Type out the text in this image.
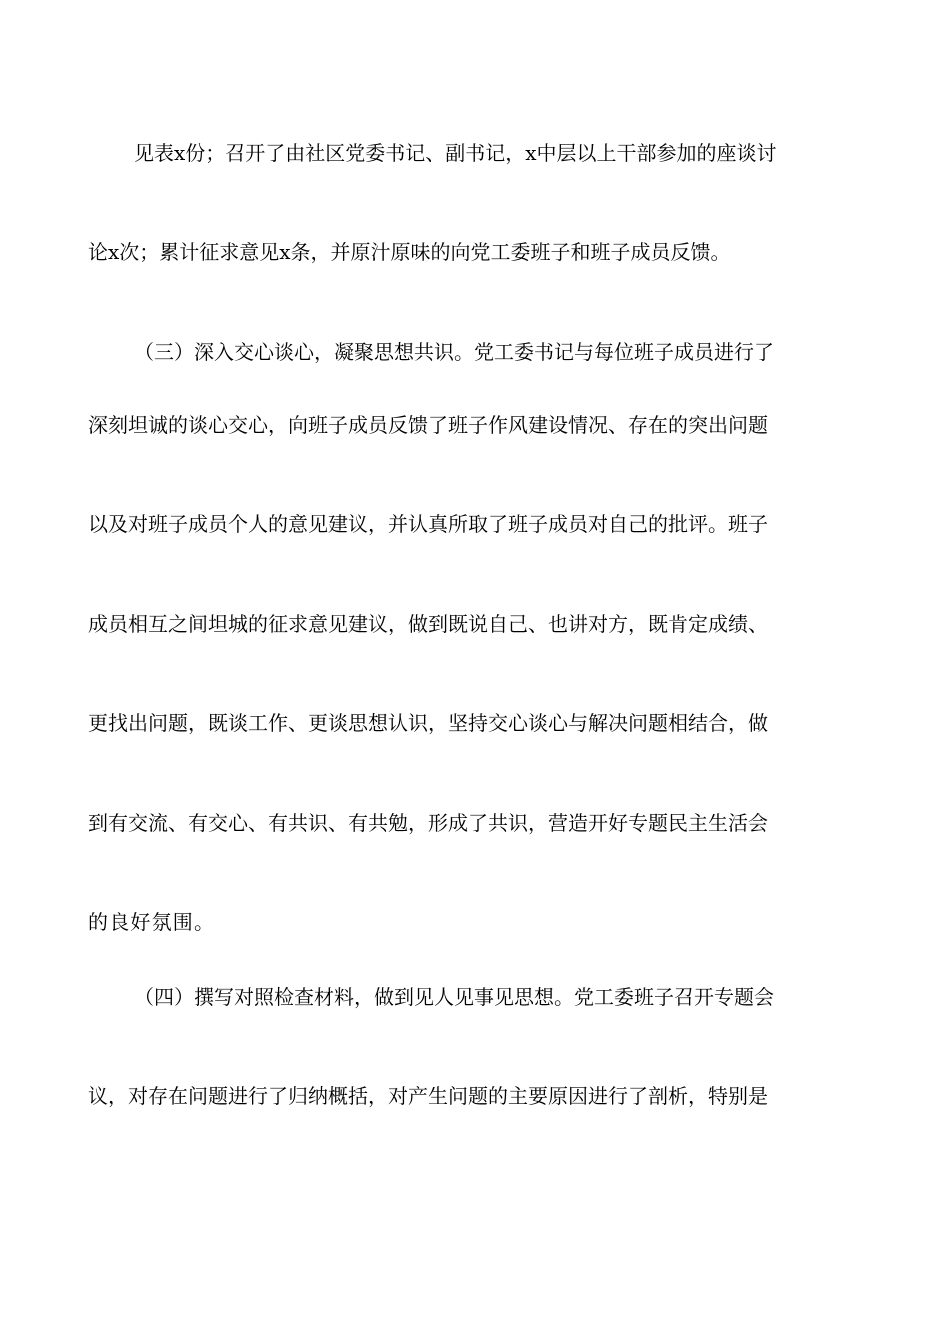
见表x份；召开了由社区党委书记、副书记，x中层以上干部参加的座谈讨
论x次；累计征求意见x条，并原汁原味的向党工委班子和班子成员反馈。
（三）深入交心谈心，凝聚思想共识。党工委书记与每位班子成员进行了
深刻坦诚的谈心交心，向班子成员反馈了班子作风建设情况、存在的突出问题
以及对班子成员个人的意见建议，并认真所取了班子成员对自己的批评。班子
成员相互之间坦城的征求意见建议，做到既说自己、也讲对方，既肯定成绩、
更找出问题，既谈工作、更谈思想认识，坚持交心谈心与解决问题相结合，做
到有交流、有交心、有共识、有共勉，形成了共识，营造开好专题民主生活会
的良好氛围。
（四）撰写对照检查材料，做到见人见事见思想。党工委班子召开专题会
议，对存在问题进行了归纳概括，对产生问题的主要原因进行了剖析，特别是
